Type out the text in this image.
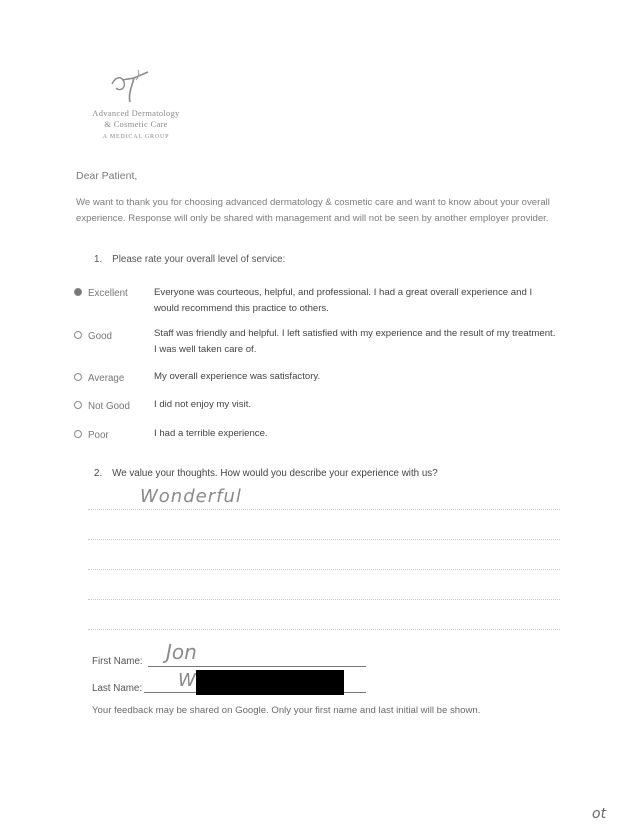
Advanced Dermatology
& Cosmetic Care
A MEDICAL GROUP
Dear Patient,
We want to thank you for choosing advanced dermatology & cosmetic care and want to know about your overall experience. Response will only be shared with management and will not be seen by another employer provider.
1. Please rate your overall level of service:
Excellent	Everyone was courteous, helpful, and professional. I had a great overall experience and I would recommend this practice to others.
Good	Staff was friendly and helpful. I left satisfied with my experience and the result of my treatment. I was well taken care of.
Average	My overall experience was satisfactory.
Not Good	I did not enjoy my visit.
Poor	I had a terrible experience.
2. We value your thoughts. How would you describe your experience with us?
Wonderful
First Name: Jon
Last Name: W
Your feedback may be shared on Google. Only your first name and last initial will be shown.
ot
